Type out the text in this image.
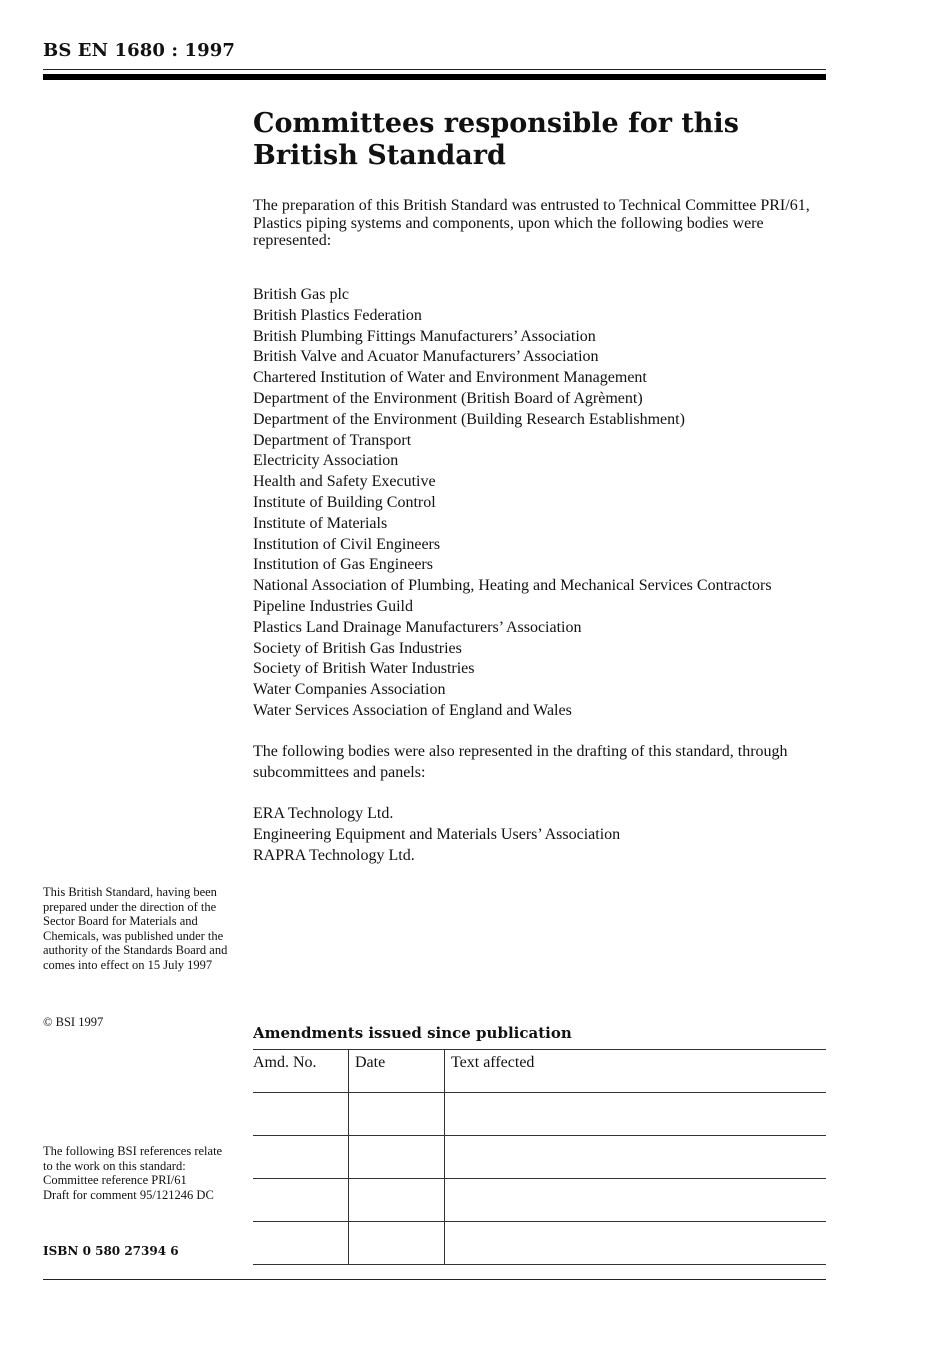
BS EN 1680 : 1997
Committees responsible for this
British Standard
The preparation of this British Standard was entrusted to Technical Committee PRI/61, Plastics piping systems and components, upon which the following bodies were represented:
British Gas plc
British Plastics Federation
British Plumbing Fittings Manufacturers’ Association
British Valve and Acuator Manufacturers’ Association
Chartered Institution of Water and Environment Management
Department of the Environment (British Board of Agrèment)
Department of the Environment (Building Research Establishment)
Department of Transport
Electricity Association
Health and Safety Executive
Institute of Building Control
Institute of Materials
Institution of Civil Engineers
Institution of Gas Engineers
National Association of Plumbing, Heating and Mechanical Services Contractors
Pipeline Industries Guild
Plastics Land Drainage Manufacturers’ Association
Society of British Gas Industries
Society of British Water Industries
Water Companies Association
Water Services Association of England and Wales
The following bodies were also represented in the drafting of this standard, through subcommittees and panels:
ERA Technology Ltd.
Engineering Equipment and Materials Users’ Association
RAPRA Technology Ltd.
This British Standard, having been prepared under the direction of the Sector Board for Materials and Chemicals, was published under the authority of the Standards Board and comes into effect on 15 July 1997
© BSI 1997
The following BSI references relate to the work on this standard:
Committee reference PRI/61
Draft for comment 95/121246 DC
ISBN 0 580 27394 6
Amendments issued since publication
Amd. No.	Date	Text affected
